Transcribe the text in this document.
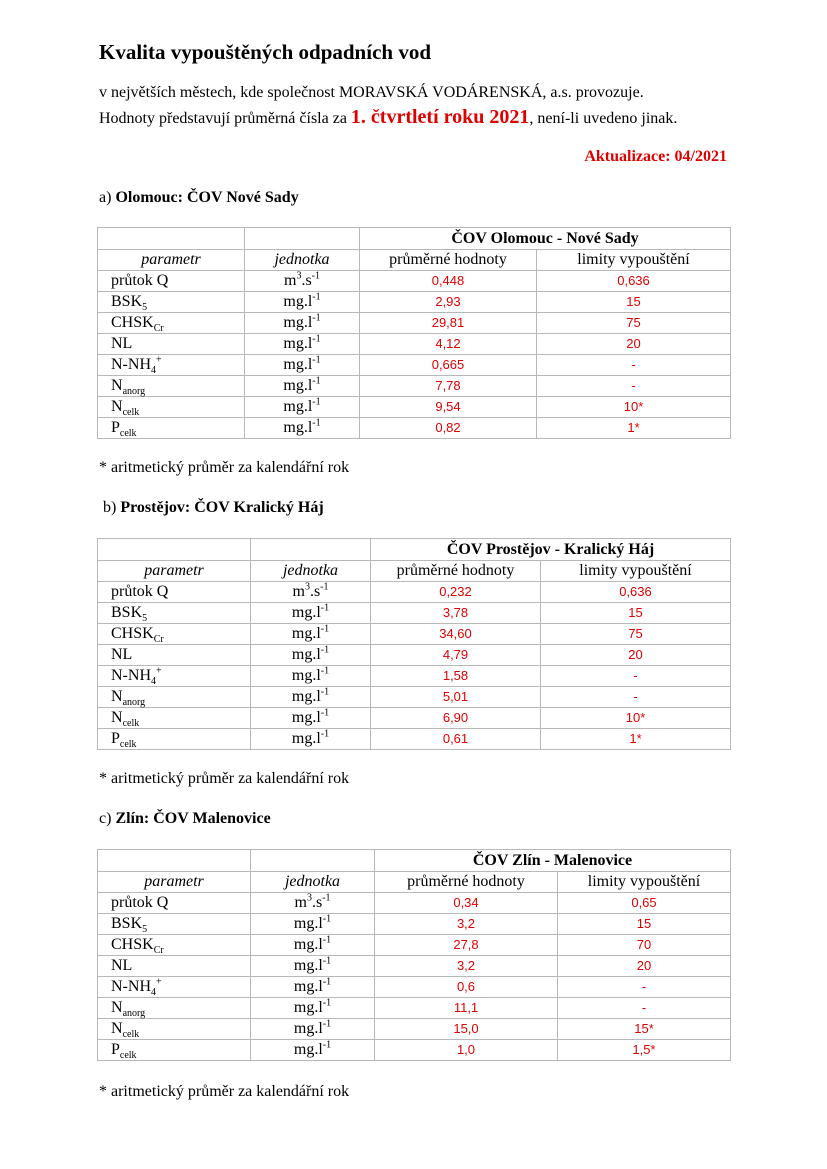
Kvalita vypouštěných odpadních vod
v největších městech, kde společnost MORAVSKÁ VODÁRENSKÁ, a.s. provozuje.
Hodnoty představují průměrná čísla za 1. čtvrtletí roku 2021, není-li uvedeno jinak.
Aktualizace: 04/2021
a) Olomouc: ČOV Nové Sady
		ČOV Olomouc - Nové Sady	
parametr	jednotka	průměrné hodnoty	limity vypouštění
průtok Q	$m^3.s^{-1}$	0,448	0,636
$BSK_5$	$mg.l^{-1}$	2,93	15
$CHSK_{Cr}$	$mg.l^{-1}$	29,81	75
NL	$mg.l^{-1}$	4,12	20
$N-NH_4^+$	$mg.l^{-1}$	0,665	-
$N_{anorg}$	$mg.l^{-1}$	7,78	-
$N_{celk}$	$mg.l^{-1}$	9,54	10*
$P_{celk}$	$mg.l^{-1}$	0,82	1*
* aritmetický průměr za kalendářní rok
b) Prostějov: ČOV Kralický Háj
		ČOV Prostějov - Kralický Háj	
parametr	jednotka	průměrné hodnoty	limity vypouštění
průtok Q	$m^3.s^{-1}$	0,232	0,636
$BSK_5$	$mg.l^{-1}$	3,78	15
$CHSK_{Cr}$	$mg.l^{-1}$	34,60	75
NL	$mg.l^{-1}$	4,79	20
$N-NH_4^+$	$mg.l^{-1}$	1,58	-
$N_{anorg}$	$mg.l^{-1}$	5,01	-
$N_{celk}$	$mg.l^{-1}$	6,90	10*
$P_{celk}$	$mg.l^{-1}$	0,61	1*
* aritmetický průměr za kalendářní rok
c) Zlín: ČOV Malenovice
		ČOV Zlín - Malenovice	
parametr	jednotka	průměrné hodnoty	limity vypouštění
průtok Q	$m^3.s^{-1}$	0,34	0,65
$BSK_5$	$mg.l^{-1}$	3,2	15
$CHSK_{Cr}$	$mg.l^{-1}$	27,8	70
NL	$mg.l^{-1}$	3,2	20
$N-NH_4^+$	$mg.l^{-1}$	0,6	-
$N_{anorg}$	$mg.l^{-1}$	11,1	-
$N_{celk}$	$mg.l^{-1}$	15,0	15*
$P_{celk}$	$mg.l^{-1}$	1,0	1,5*
* aritmetický průměr za kalendářní rok
